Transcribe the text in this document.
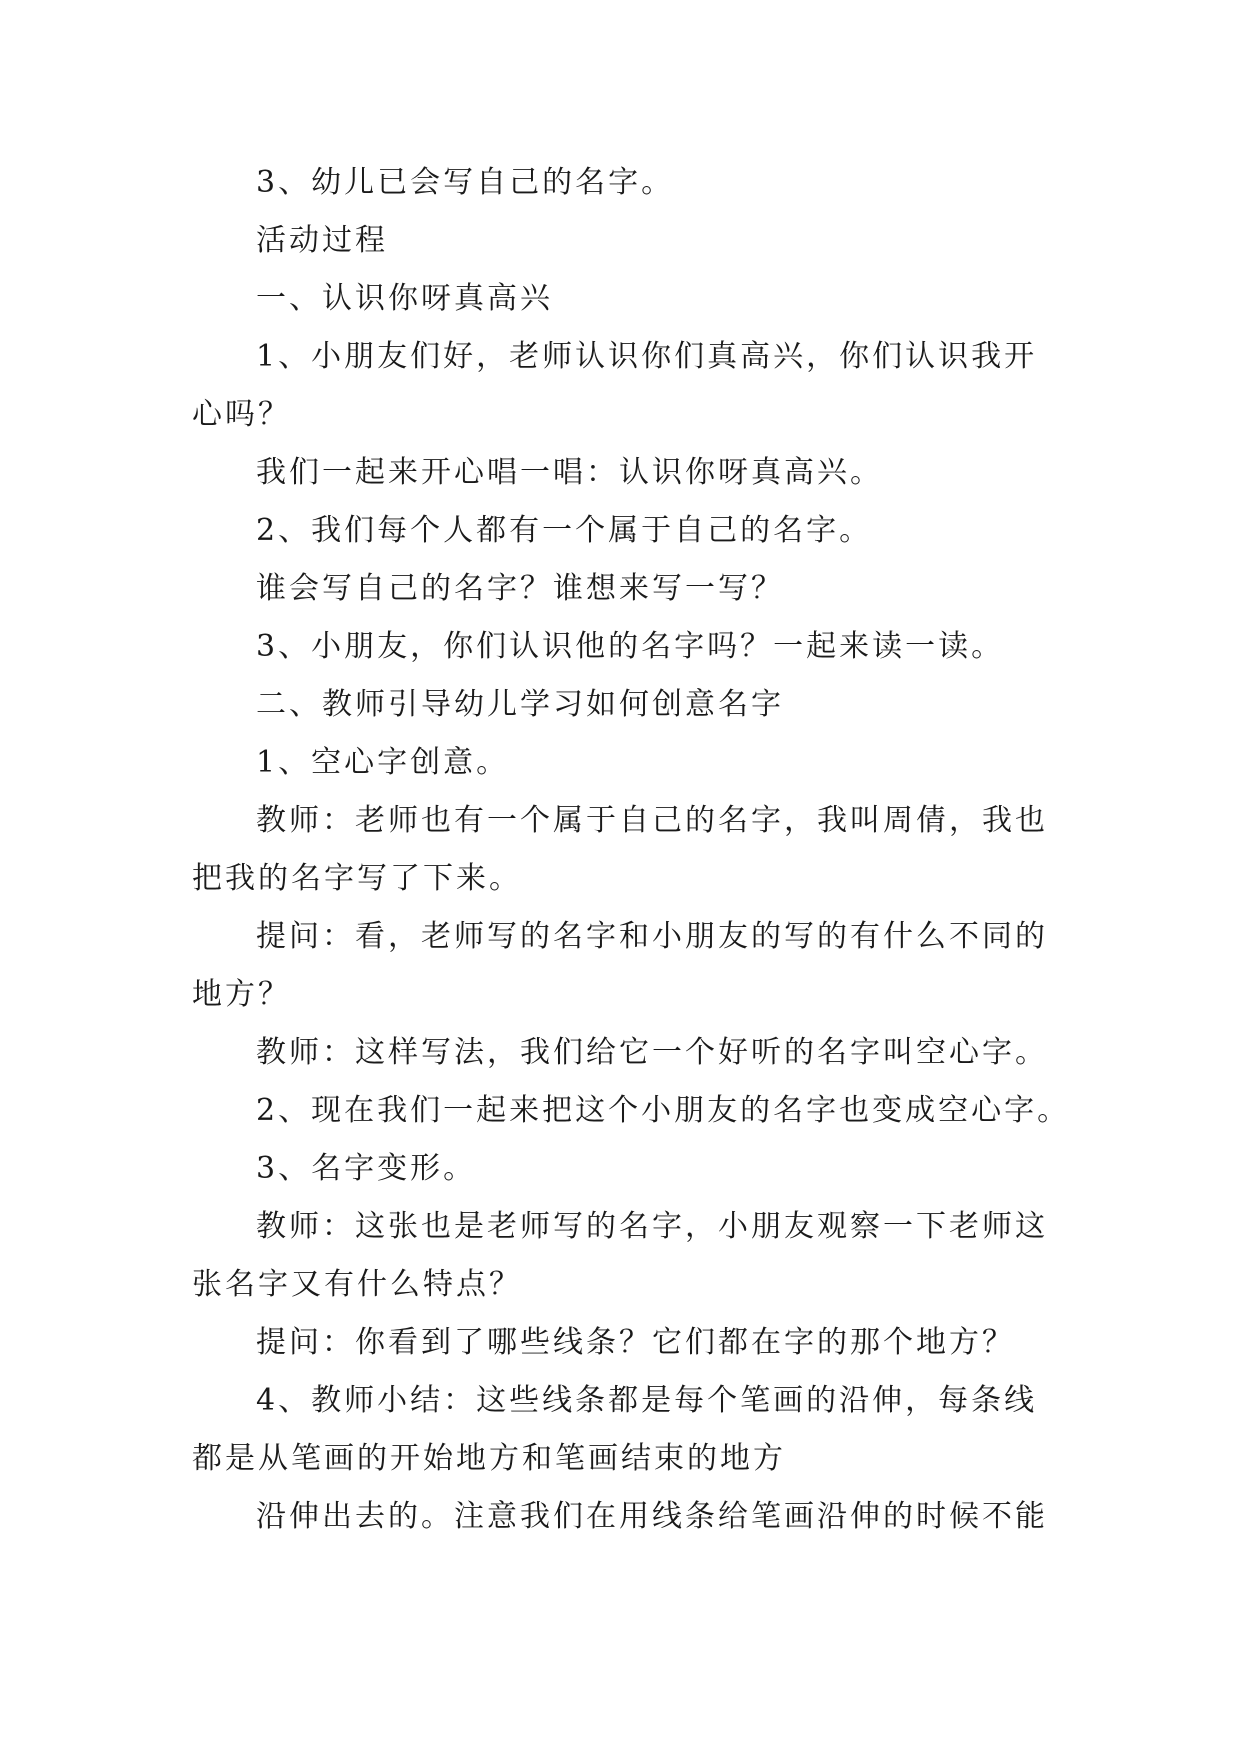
3、幼儿已会写自己的名字。

活动过程

一、认识你呀真高兴

1、小朋友们好，老师认识你们真高兴，你们认识我开心吗？

我们一起来开心唱一唱：认识你呀真高兴。

2、我们每个人都有一个属于自己的名字。

谁会写自己的名字？谁想来写一写？

3、小朋友，你们认识他的名字吗？一起来读一读。

二、教师引导幼儿学习如何创意名字

1、空心字创意。

教师：老师也有一个属于自己的名字，我叫周倩，我也把我的名字写了下来。

提问：看，老师写的名字和小朋友的写的有什么不同的地方？

教师：这样写法，我们给它一个好听的名字叫空心字。

2、现在我们一起来把这个小朋友的名字也变成空心字。

3、名字变形。

教师：这张也是老师写的名字，小朋友观察一下老师这张名字又有什么特点？

提问：你看到了哪些线条？它们都在字的那个地方？

4、教师小结：这些线条都是每个笔画的沿伸，每条线都是从笔画的开始地方和笔画结束的地方

沿伸出去的。注意我们在用线条给笔画沿伸的时候不能
